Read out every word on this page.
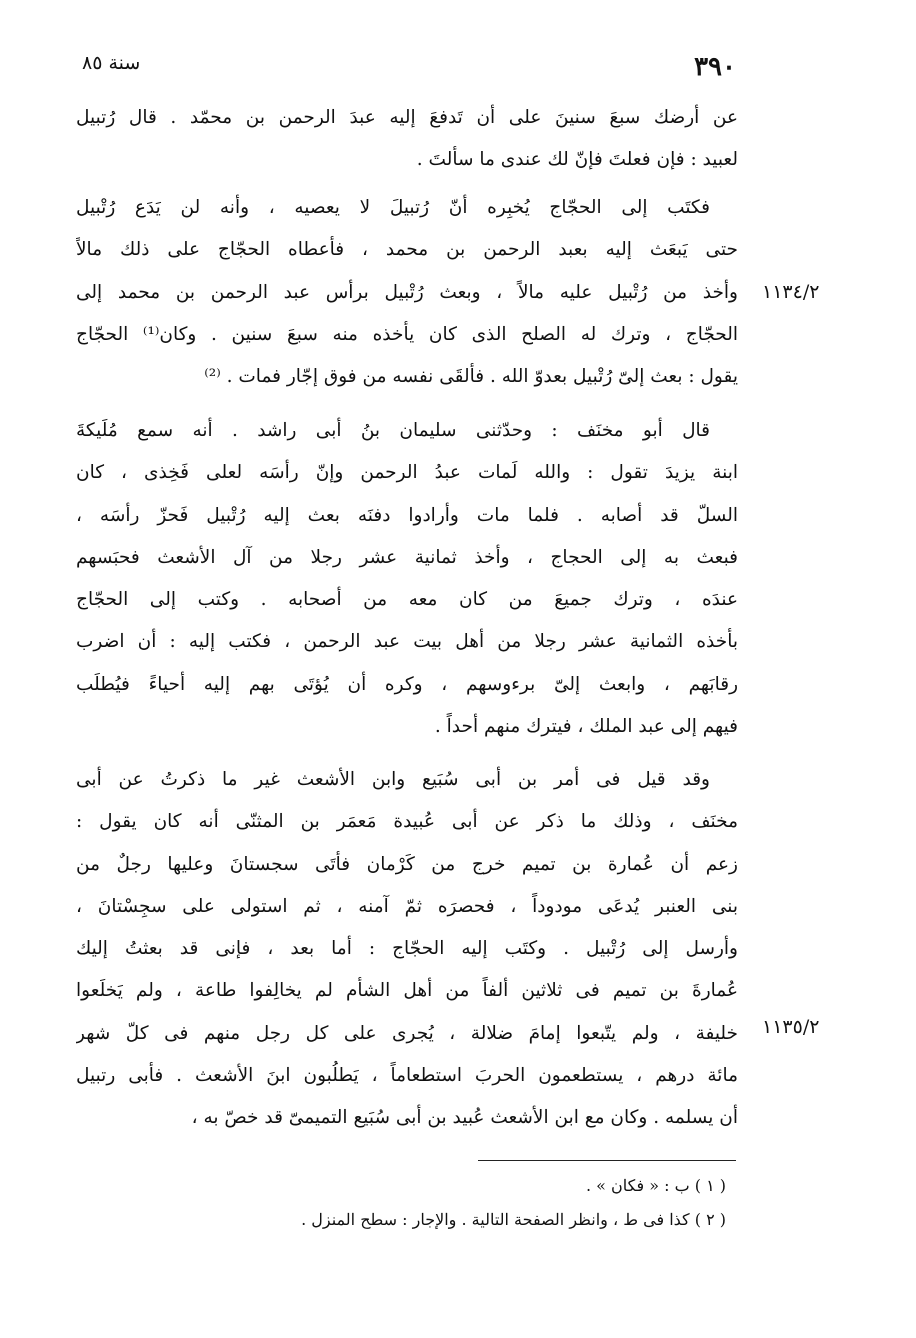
٣٩٠
سنة ٨٥
عن أرضك سبعَ سنينَ على أن تَدفعَ إليه عبدَ الرحمن بن محمّد . قال رُتبيل
لعبيد : فإن فعلتَ فإنّ لك عندى ما سألتَ .
فكتَب إلى الحجّاج يُخبِره أنّ رُتبيلَ لا يعصيه ، وأنه لن يَدَع رُتْبيل
حتى يَبعَث إليه بعبد الرحمن بن محمد ، فأعطاه الحجّاج على ذلك مالاً
وأخذ من رُتْبيل عليه مالاً ، وبعث رُتْبيل برأس عبد الرحمن بن محمد إلى
الحجّاج ، وترك له الصلح الذى كان يأخذه منه سبعَ سنين . وكان⁽¹⁾ الحجّاج
يقول : بعث إلىّ رُتْبيل بعدوّ الله . فألقَى نفسه من فوق إجّار فمات . ⁽²⁾
قال أبو مخنَف : وحدّثنى سليمان بنُ أبى راشد . أنه سمع مُلَيكةَ
ابنة يزيدَ تقول : والله لَمات عبدُ الرحمن وإنّ رأسَه لعلى فَخِذى ، كان
السلّ قد أصابه . فلما مات وأرادوا دفنَه بعث إليه رُتْبيل فَحزّ رأسَه ،
فبعث به إلى الحجاج ، وأخذ ثمانية عشر رجلا من آل الأشعث فحبَسهم
عندَه ، وترك جميعَ من كان معه من أصحابه . وكتب إلى الحجّاج
بأخذه الثمانية عشر رجلا من أهل بيت عبد الرحمن ، فكتب إليه : أن اضرب
رقابَهم ، وابعث إلىّ برءوسهم ، وكره أن يُؤتَى بهم إليه أحياءً فيُطلَب
فيهم إلى عبد الملك ، فيترك منهم أحداً .
وقد قيل فى أمر بن أبى سُبَيع وابن الأشعث غير ما ذكرتُ عن أبى
مخنَف ، وذلك ما ذكر عن أبى عُبيدة مَعمَر بن المثنّى أنه كان يقول :
زعم أن عُمارة بن تميم خرج من كَرْمان فأتَى سجستانَ وعليها رجلٌ من
بنى العنبر يُدعَى مودوداً ، فحصرَه ثمّ آمنه ، ثم استولى على سجِسْتانَ ،
وأرسل إلى رُتْبيل . وكتَب إليه الحجّاج : أما بعد ، فإنى قد بعثتُ إليك
عُمارةَ بن تميم فى ثلاثين ألفاً من أهل الشأم لم يخالِفوا طاعة ، ولم يَخلَعوا
خليفة ، ولم يتّبعوا إمامَ ضلالة ، يُجرى على كل رجل منهم فى كلّ شهر
مائة درهم ، يستطعمون الحربَ استطعاماً ، يَطلُبون ابنَ الأشعث . فأبى رتبيل
أن يسلمه . وكان مع ابن الأشعث عُبيد بن أبى سُبَيع التميمىّ قد خصّ به ،
١١٣٤/٢
١١٣٥/٢
( ١ ) ب : « فكان » .
( ٢ ) كذا فى ط ، وانظر الصفحة التالية . والإجار : سطح المنزل .
